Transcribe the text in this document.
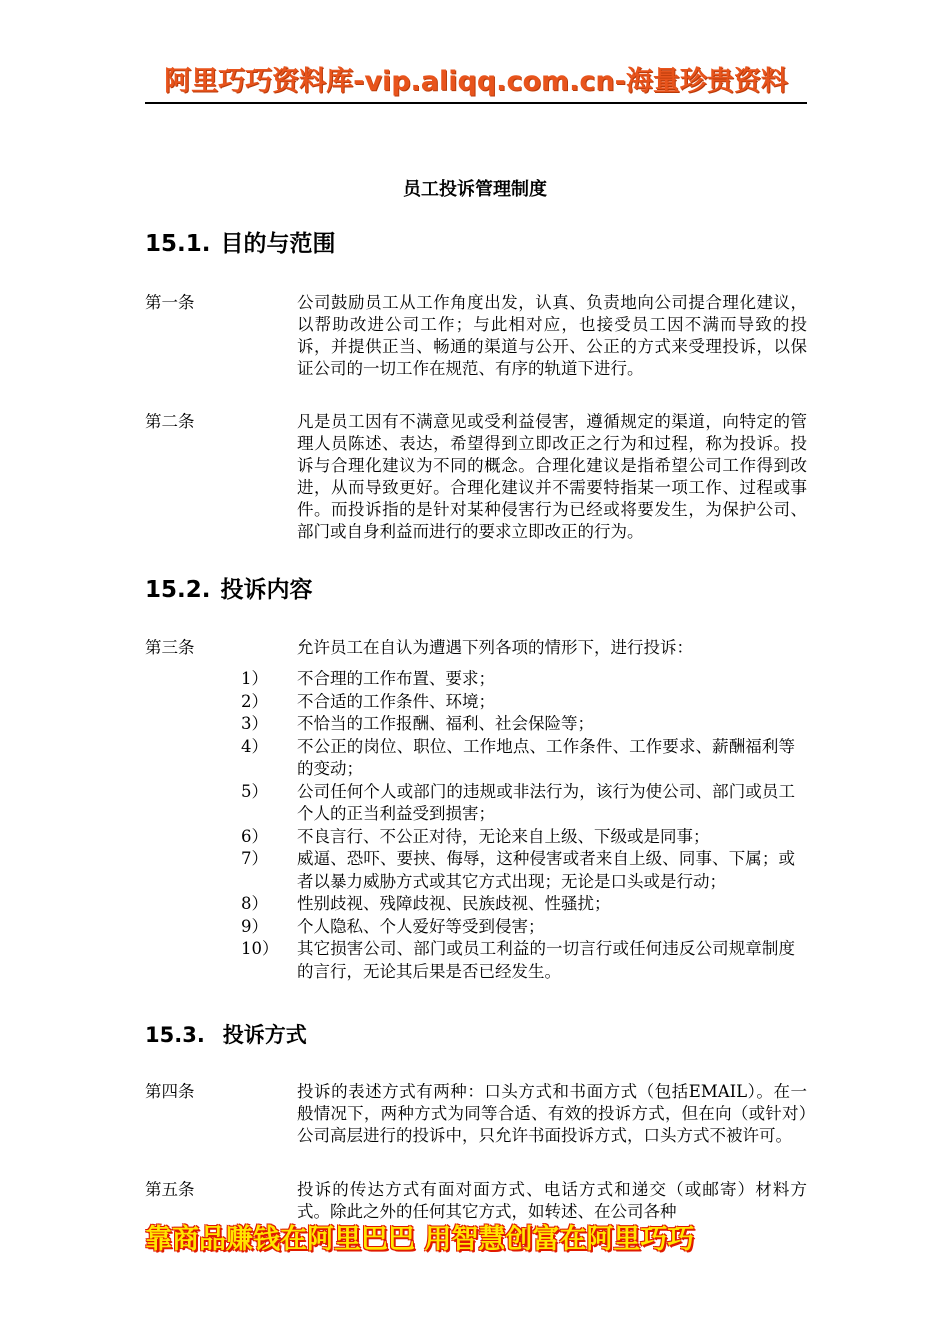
阿里巧巧资料库-vip.aliqq.com.cn-海量珍贵资料
员工投诉管理制度
15.1. 目的与范围
第一条	公司鼓励员工从工作角度出发，认真、负责地向公司提合理化建议，以帮助改进公司工作；与此相对应，也接受员工因不满而导致的投诉，并提供正当、畅通的渠道与公开、公正的方式来受理投诉，以保证公司的一切工作在规范、有序的轨道下进行。
第二条	凡是员工因有不满意见或受利益侵害，遵循规定的渠道，向特定的管理人员陈述、表达，希望得到立即改正之行为和过程，称为投诉。投诉与合理化建议为不同的概念。合理化建议是指希望公司工作得到改进，从而导致更好。合理化建议并不需要特指某一项工作、过程或事件。而投诉指的是针对某种侵害行为已经或将要发生，为保护公司、部门或自身利益而进行的要求立即改正的行为。
15.2. 投诉内容
第三条	允许员工在自认为遭遇下列各项的情形下，进行投诉：
1） 不合理的工作布置、要求；
2） 不合适的工作条件、环境；
3） 不恰当的工作报酬、福利、社会保险等；
4） 不公正的岗位、职位、工作地点、工作条件、工作要求、薪酬福利等的变动；
5） 公司任何个人或部门的违规或非法行为，该行为使公司、部门或员工个人的正当利益受到损害；
6） 不良言行、不公正对待，无论来自上级、下级或是同事；
7） 威逼、恐吓、要挟、侮辱，这种侵害或者来自上级、同事、下属；或者以暴力威胁方式或其它方式出现；无论是口头或是行动；
8） 性别歧视、残障歧视、民族歧视、性骚扰；
9） 个人隐私、个人爱好等受到侵害；
10） 其它损害公司、部门或员工利益的一切言行或任何违反公司规章制度的言行，无论其后果是否已经发生。
15.3. 投诉方式
第四条	投诉的表述方式有两种：口头方式和书面方式（包括EMAIL）。在一般情况下，两种方式为同等合适、有效的投诉方式，但在向（或针对）公司高层进行的投诉中，只允许书面投诉方式，口头方式不被许可。
第五条	投诉的传达方式有面对面方式、电话方式和递交（或邮寄）材料方式。除此之外的任何其它方式，如转述、在公司各种
靠商品赚钱在阿里巴巴 用智慧创富在阿里巧巧
